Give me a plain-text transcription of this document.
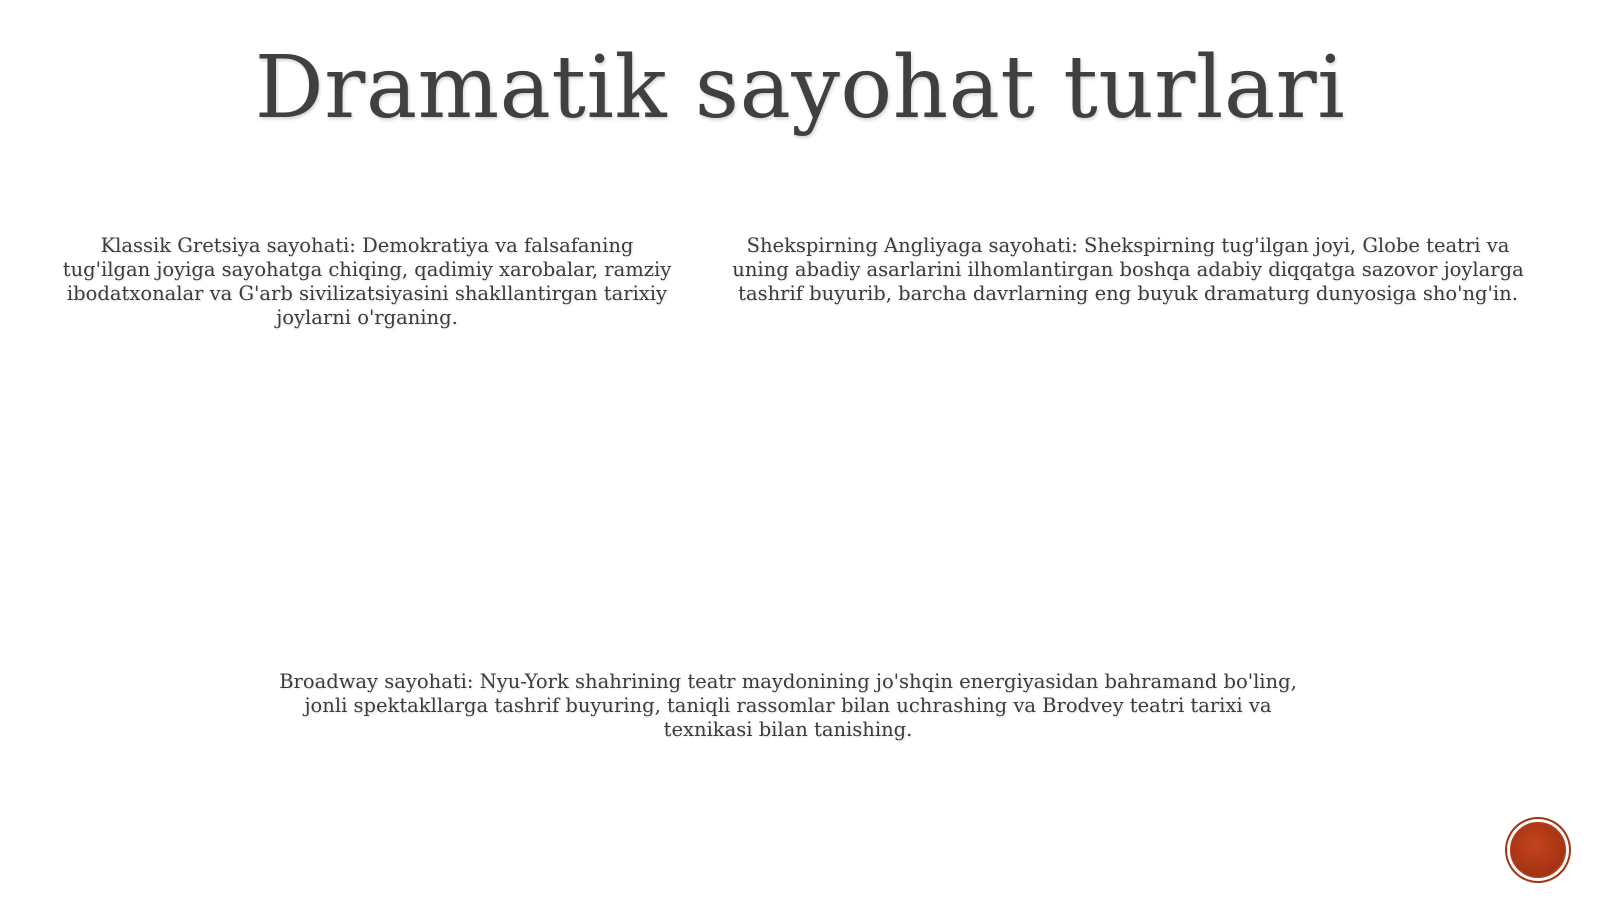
Dramatik sayohat turlari
Klassik Gretsiya sayohati: Demokratiya va falsafaning tug'ilgan joyiga sayohatga chiqing, qadimiy xarobalar, ramziy ibodatxonalar va G'arb sivilizatsiyasini shakllantirgan tarixiy joylarni o'rganing.
Shekspirning Angliyaga sayohati: Shekspirning tug'ilgan joyi, Globe teatri va uning abadiy asarlarini ilhomlantirgan boshqa adabiy diqqatga sazovor joylarga tashrif buyurib, barcha davrlarning eng buyuk dramaturg dunyosiga sho'ng'in.
Broadway sayohati: Nyu-York shahrining teatr maydonining jo'shqin energiyasidan bahramand bo'ling, jonli spektakllarga tashrif buyuring, taniqli rassomlar bilan uchrashing va Brodvey teatri tarixi va texnikasi bilan tanishing.
